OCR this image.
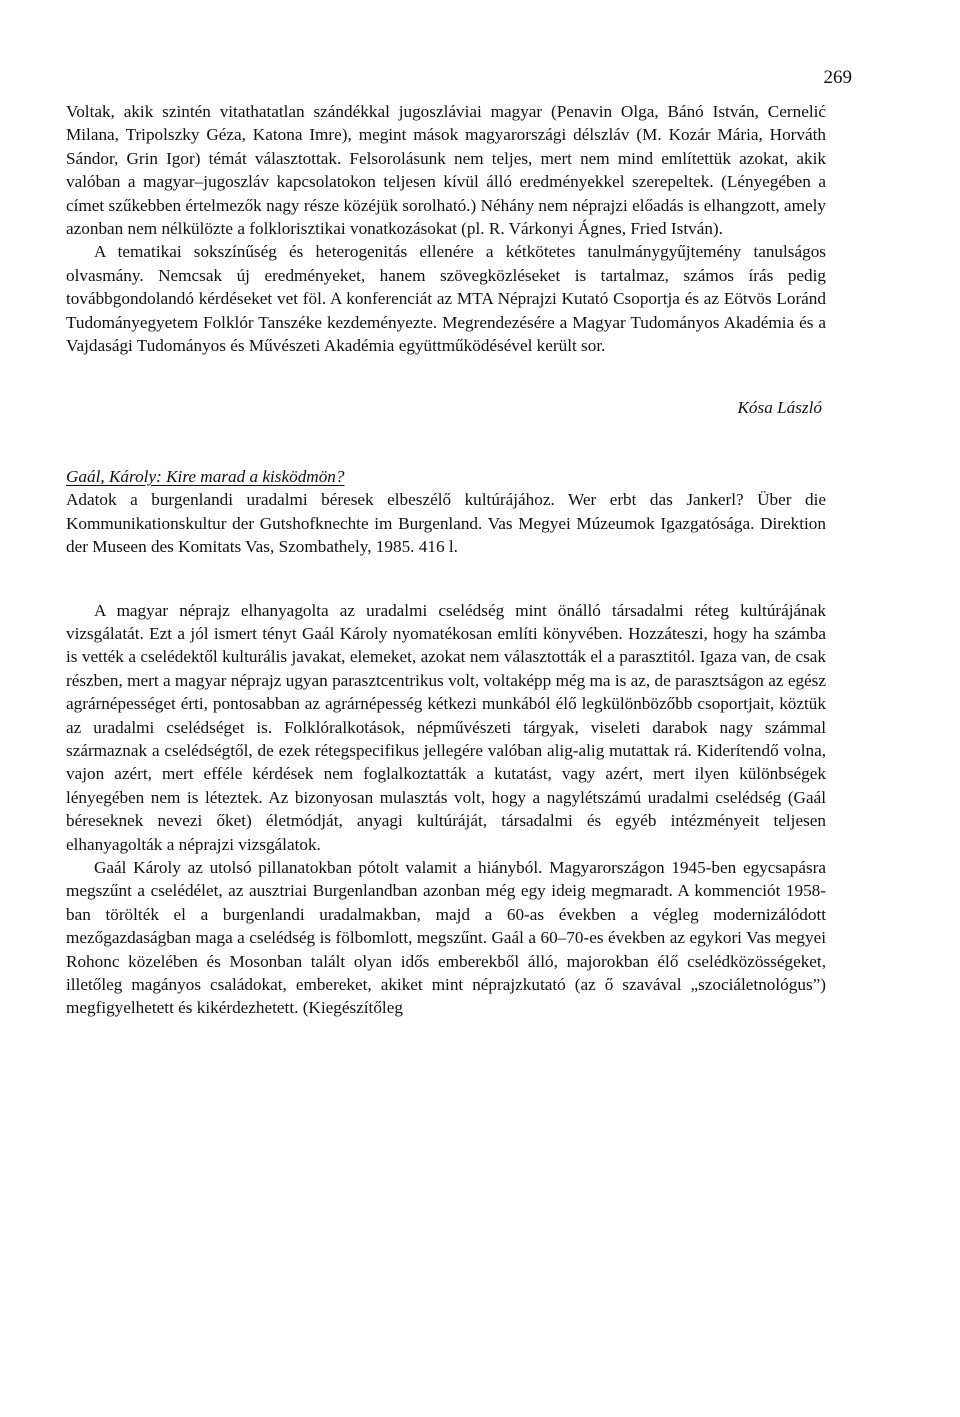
269

Voltak, akik szintén vitathatatlan szándékkal jugoszláviai magyar (Penavin Olga, Bánó István, Cernelić Milana, Tripolszky Géza, Katona Imre), megint mások magyarországi délszláv (M. Kozár Mária, Horváth Sándor, Grin Igor) témát választottak. Felsorolásunk nem teljes, mert nem mind említettük azokat, akik valóban a magyar–jugoszláv kapcsolatokon teljesen kívül álló eredményekkel szerepeltek. (Lényegében a címet szűkebben értelmezők nagy része közéjük sorolható.) Néhány nem néprajzi előadás is elhangzott, amely azonban nem nélkülözte a folklorisztikai vonatkozásokat (pl. R. Várkonyi Ágnes, Fried István).

A tematikai sokszínűség és heterogenitás ellenére a kétkötetes tanulmánygyűjtemény tanulságos olvasmány. Nemcsak új eredményeket, hanem szövegközléseket is tartalmaz, számos írás pedig továbbgondolandó kérdéseket vet föl. A konferenciát az MTA Néprajzi Kutató Csoportja és az Eötvös Loránd Tudományegyetem Folklór Tanszéke kezdeményezte. Megrendezésére a Magyar Tudományos Akadémia és a Vajdasági Tudományos és Művészeti Akadémia együttműködésével került sor.

Kósa László
Gaál, Károly: Kire marad a kisködmön?

Adatok a burgenlandi uradalmi béresek elbeszélő kultúrájához. Wer erbt das Jankerl? Über die Kommunikationskultur der Gutshofknechte im Burgenland. Vas Megyei Múzeumok Igazgatósága. Direktion der Museen des Komitats Vas, Szombathely, 1985. 416 l.

A magyar néprajz elhanyagolta az uradalmi cselédség mint önálló társadalmi réteg kultúrájának vizsgálatát. Ezt a jól ismert tényt Gaál Károly nyomatékosan említi könyvében. Hozzáteszi, hogy ha számba is vették a cselédektől kulturális javakat, elemeket, azokat nem választották el a parasztitól. Igaza van, de csak részben, mert a magyar néprajz ugyan parasztcentrikus volt, voltaképp még ma is az, de parasztságon az egész agrárnépességet érti, pontosabban az agrárnépesség kétkezi munkából élő legkülönbözőbb csoportjait, köztük az uradalmi cselédséget is. Folklóralkotások, népművészeti tárgyak, viseleti darabok nagy számmal származnak a cselédségtől, de ezek rétegspecifikus jellegére valóban alig-alig mutattak rá. Kiderítendő volna, vajon azért, mert efféle kérdések nem foglalkoztatták a kutatást, vagy azért, mert ilyen különbségek lényegében nem is léteztek. Az bizonyosan mulasztás volt, hogy a nagylétszámú uradalmi cselédség (Gaál béreseknek nevezi őket) életmódját, anyagi kultúráját, társadalmi és egyéb intézményeit teljesen elhanyagolták a néprajzi vizsgálatok.

Gaál Károly az utolsó pillanatokban pótolt valamit a hiányból. Magyarországon 1945-ben egycsapásra megszűnt a cselédélet, az ausztriai Burgenlandban azonban még egy ideig megmaradt. A kommenciót 1958-ban törölték el a burgenlandi uradalmakban, majd a 60-as években a végleg modernizálódott mezőgazdaságban maga a cselédség is fölbomlott, megszűnt. Gaál a 60–70-es években az egykori Vas megyei Rohonc közelében és Mosonban talált olyan idős emberekből álló, majorokban élő cselédközösségeket, illetőleg magányos családokat, embereket, akiket mint néprajzkutató (az ő szavával „szociáletnológus”) megfigyelhetett és kikérdezhetett. (Kiegészítőleg
